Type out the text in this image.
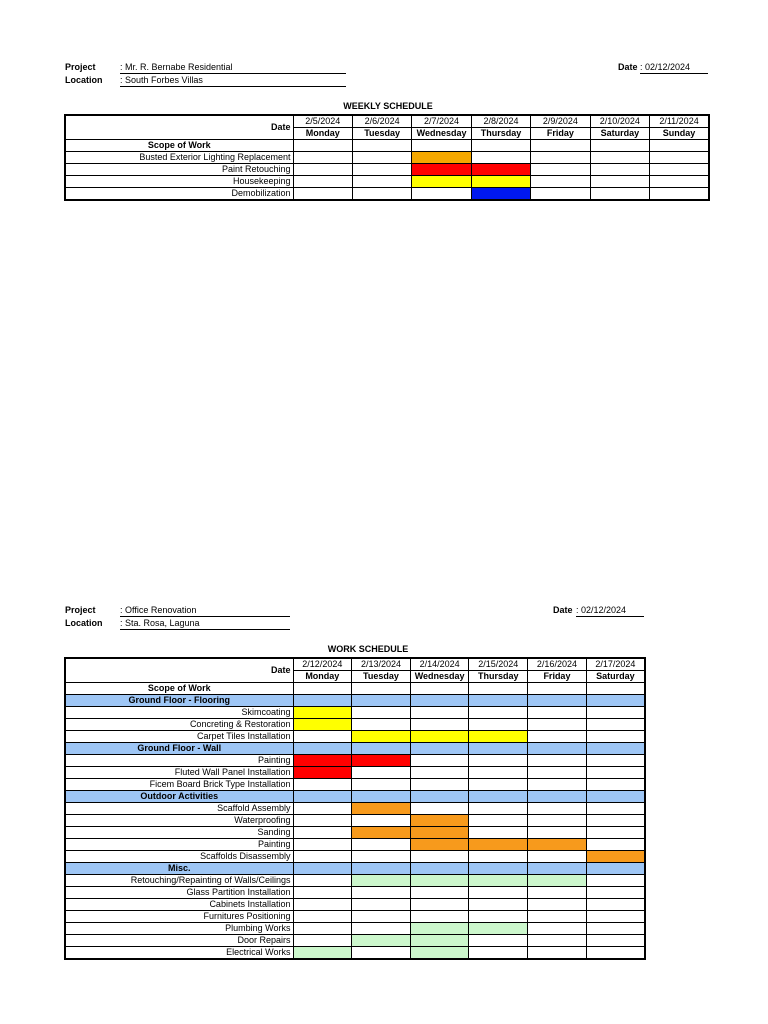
Project	: Mr. R. Bernabe Residential
Location : South Forbes Villas
Date : 02/12/2024
WEEKLY SCHEDULE
Date	2/5/2024	2/6/2024	2/7/2024	2/8/2024	2/9/2024	2/10/2024	2/11/2024
	Monday	Tuesday	Wednesday	Thursday	Friday	Saturday	Sunday
Scope of Work							
Busted Exterior Lighting Replacement							
Paint Retouching							
Housekeeping							
Demobilization							
Project	: Office Renovation
Location : Sta. Rosa, Laguna
Date : 02/12/2024
WORK SCHEDULE
Date	2/12/2024	2/13/2024	2/14/2024	2/15/2024	2/16/2024	2/17/2024
	Monday	Tuesday	Wednesday	Thursday	Friday	Saturday
Scope of Work						
Ground Floor - Flooring						
Skimcoating						
Concreting & Restoration						
Carpet Tiles Installation						
Ground Floor - Wall						
Painting						
Fluted Wall Panel Installation						
Ficem Board Brick Type Installation						
Outdoor Activities						
Scaffold Assembly						
Waterproofing						
Sanding						
Painting						
Scaffolds Disassembly						
Misc.						
Retouching/Repainting of Walls/Ceilings						
Glass Partition Installation						
Cabinets Installation						
Furnitures Positioning						
Plumbing Works						
Door Repairs						
Electrical Works						
